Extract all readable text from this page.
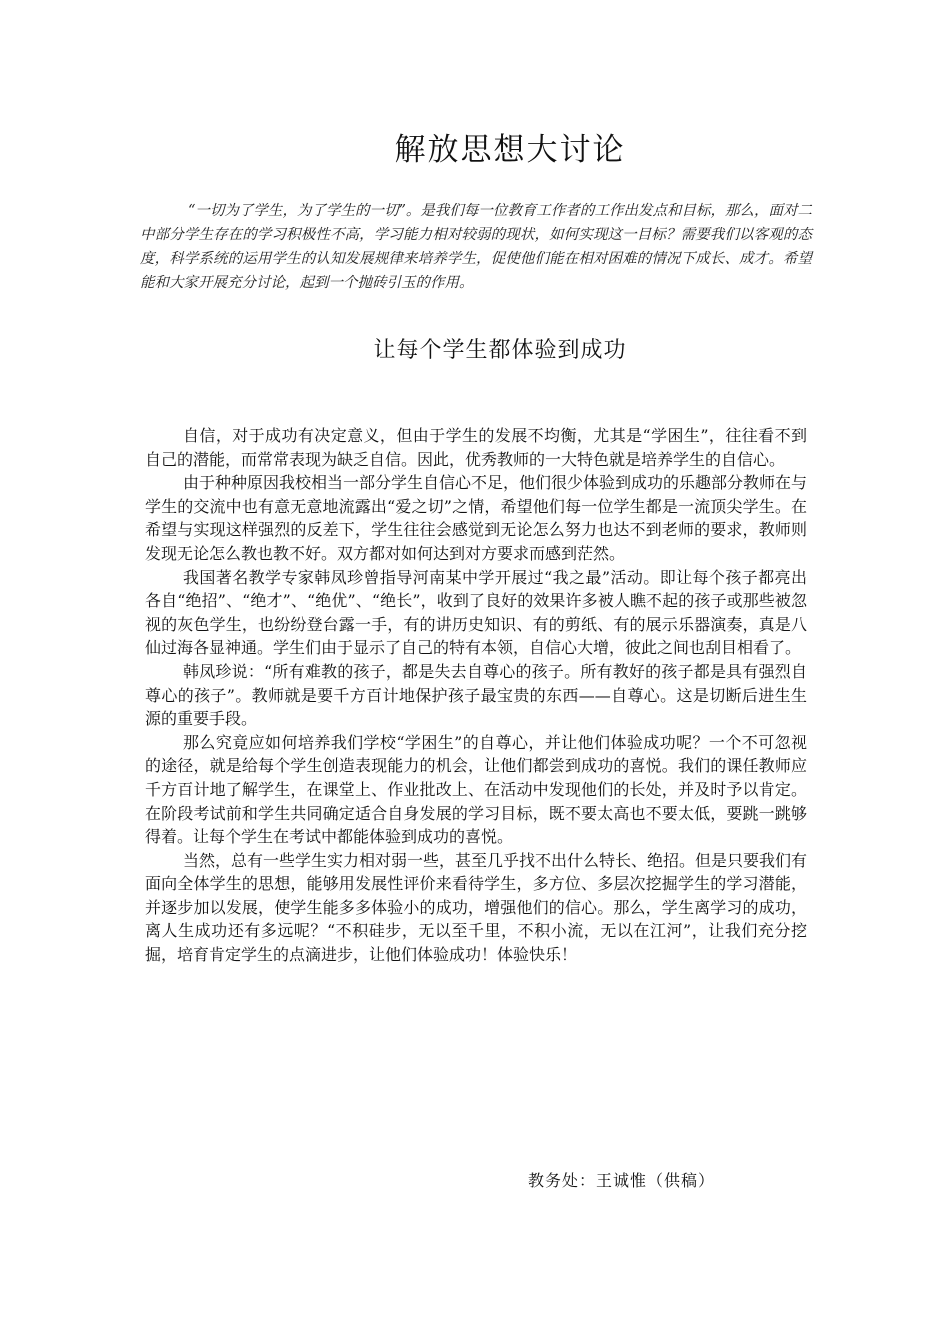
解放思想大讨论
“一切为了学生，为了学生的一切”。是我们每一位教育工作者的工作出发点和目标，那么，面对二中部分学生存在的学习积极性不高，学习能力相对较弱的现状，如何实现这一目标？需要我们以客观的态度，科学系统的运用学生的认知发展规律来培养学生，促使他们能在相对困难的情况下成长、成才。希望能和大家开展充分讨论，起到一个抛砖引玉的作用。
让每个学生都体验到成功

自信，对于成功有决定意义，但由于学生的发展不均衡，尤其是“学困生”，往往看不到自己的潜能，而常常表现为缺乏自信。因此，优秀教师的一大特色就是培养学生的自信心。

由于种种原因我校相当一部分学生自信心不足，他们很少体验到成功的乐趣部分教师在与学生的交流中也有意无意地流露出“爱之切”之情，希望他们每一位学生都是一流顶尖学生。在希望与实现这样强烈的反差下，学生往往会感觉到无论怎么努力也达不到老师的要求，教师则发现无论怎么教也教不好。双方都对如何达到对方要求而感到茫然。

我国著名教学专家韩凤珍曾指导河南某中学开展过“我之最”活动。即让每个孩子都亮出各自“绝招”、“绝才”、“绝优”、“绝长”，收到了良好的效果许多被人瞧不起的孩子或那些被忽视的灰色学生，也纷纷登台露一手，有的讲历史知识、有的剪纸、有的展示乐器演奏，真是八仙过海各显神通。学生们由于显示了自己的特有本领，自信心大增，彼此之间也刮目相看了。

韩凤珍说：“所有难教的孩子，都是失去自尊心的孩子。所有教好的孩子都是具有强烈自尊心的孩子”。教师就是要千方百计地保护孩子最宝贵的东西——自尊心。这是切断后进生生源的重要手段。

那么究竟应如何培养我们学校“学困生”的自尊心，并让他们体验成功呢？一个不可忽视的途径，就是给每个学生创造表现能力的机会，让他们都尝到成功的喜悦。我们的课任教师应千方百计地了解学生，在课堂上、作业批改上、在活动中发现他们的长处，并及时予以肯定。在阶段考试前和学生共同确定适合自身发展的学习目标，既不要太高也不要太低，要跳一跳够得着。让每个学生在考试中都能体验到成功的喜悦。

当然，总有一些学生实力相对弱一些，甚至几乎找不出什么特长、绝招。但是只要我们有面向全体学生的思想，能够用发展性评价来看待学生，多方位、多层次挖掘学生的学习潜能，并逐步加以发展，使学生能多多体验小的成功，增强他们的信心。那么，学生离学习的成功，离人生成功还有多远呢？“不积硅步，无以至千里，不积小流，无以在江河”，让我们充分挖掘，培育肯定学生的点滴进步，让他们体验成功！体验快乐！

教务处：王诚惟（供稿）
